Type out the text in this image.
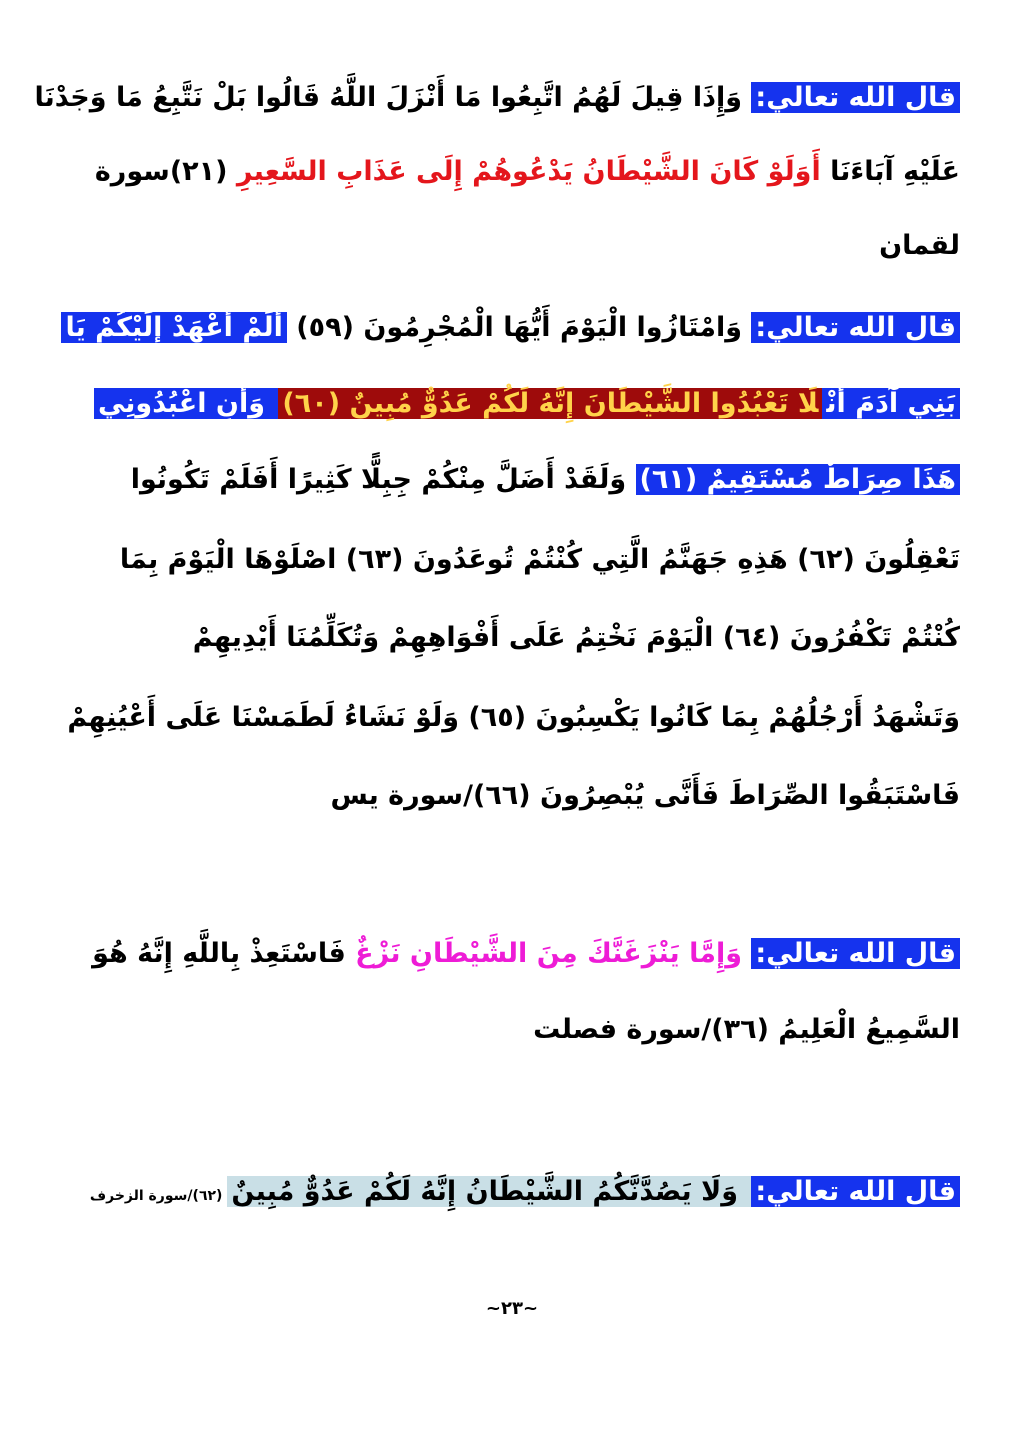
قال الله تعالي: وَإِذَا قِيلَ لَهُمُ اتَّبِعُوا مَا أَنْزَلَ اللَّهُ قَالُوا بَلْ نَتَّبِعُ مَا وَجَدْنَا
عَلَيْهِ آبَاءَنَا أَوَلَوْ كَانَ الشَّيْطَانُ يَدْعُوهُمْ إِلَى عَذَابِ السَّعِيرِ (٢١)سورة
لقمان
قال الله تعالي: وَامْتَازُوا الْيَوْمَ أَيُّهَا الْمُجْرِمُونَ (٥٩) أَلَمْ أَعْهَدْ إِلَيْكُمْ يَا
بَنِي آدَمَ أَنْلَا تَعْبُدُوا الشَّيْطَانَ إِنَّهُ لَكُمْ عَدُوٌّ مُبِينٌ (٦٠) وَأَنِ اعْبُدُونِي
هَذَا صِرَاطٌ مُسْتَقِيمٌ (٦١) وَلَقَدْ أَضَلَّ مِنْكُمْ جِبِلًّا كَثِيرًا أَفَلَمْ تَكُونُوا
تَعْقِلُونَ (٦٢) هَذِهِ جَهَنَّمُ الَّتِي كُنْتُمْ تُوعَدُونَ (٦٣) اصْلَوْهَا الْيَوْمَ بِمَا
كُنْتُمْ تَكْفُرُونَ (٦٤) الْيَوْمَ نَخْتِمُ عَلَى أَفْوَاهِهِمْ وَتُكَلِّمُنَا أَيْدِيهِمْ
وَتَشْهَدُ أَرْجُلُهُمْ بِمَا كَانُوا يَكْسِبُونَ (٦٥) وَلَوْ نَشَاءُ لَطَمَسْنَا عَلَى أَعْيُنِهِمْ
فَاسْتَبَقُوا الصِّرَاطَ فَأَنَّى يُبْصِرُونَ (٦٦)/سورة يس
قال الله تعالي: وَإِمَّا يَنْزَغَنَّكَ مِنَ الشَّيْطَانِ نَزْغٌ فَاسْتَعِذْ بِاللَّهِ إِنَّهُ هُوَ
السَّمِيعُ الْعَلِيمُ (٣٦)/سورة فصلت
قال الله تعالي: وَلَا يَصُدَّنَّكُمُ الشَّيْطَانُ إِنَّهُ لَكُمْ عَدُوٌّ مُبِينٌ (٦٢)/سورة الزخرف
~٢٣~
